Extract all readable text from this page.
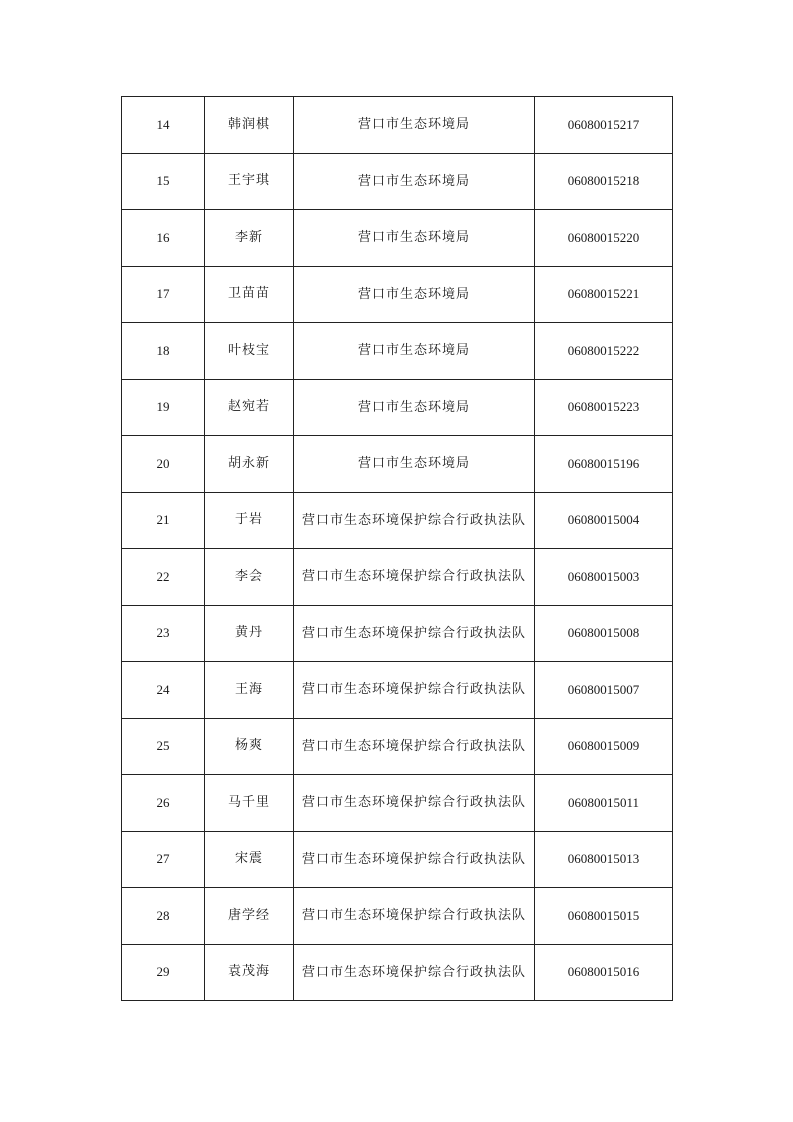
14	韩润棋	营口市生态环境局	06080015217
15	王宇琪	营口市生态环境局	06080015218
16	李新	营口市生态环境局	06080015220
17	卫苗苗	营口市生态环境局	06080015221
18	叶枝宝	营口市生态环境局	06080015222
19	赵宛若	营口市生态环境局	06080015223
20	胡永新	营口市生态环境局	06080015196
21	于岩	营口市生态环境保护综合行政执法队	06080015004
22	李会	营口市生态环境保护综合行政执法队	06080015003
23	黄丹	营口市生态环境保护综合行政执法队	06080015008
24	王海	营口市生态环境保护综合行政执法队	06080015007
25	杨爽	营口市生态环境保护综合行政执法队	06080015009
26	马千里	营口市生态环境保护综合行政执法队	06080015011
27	宋震	营口市生态环境保护综合行政执法队	06080015013
28	唐学经	营口市生态环境保护综合行政执法队	06080015015
29	袁茂海	营口市生态环境保护综合行政执法队	06080015016
